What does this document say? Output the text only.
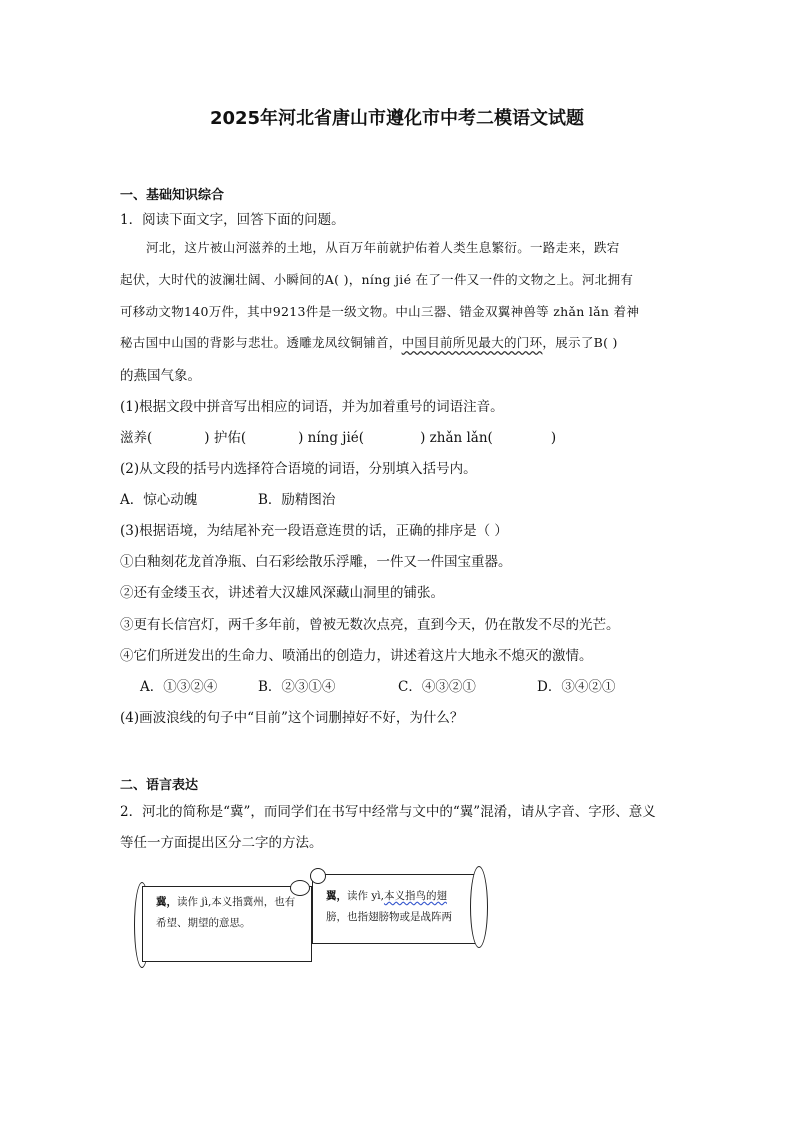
2025年河北省唐山市遵化市中考二模语文试题
一、基础知识综合
1．阅读下面文字，回答下面的问题。
河北，这片被山河滋养的土地，从百万年前就护佑着人类生息繁衍。一路走来，跌宕
起伏，大时代的波澜壮阔、小瞬间的A( )，níng jié 在了一件又一件的文物之上。河北拥有
可移动文物140万件，其中9213件是一级文物。中山三器、错金双翼神兽等 zhǎn lǎn 着神
秘古国中山国的背影与悲壮。透雕龙凤纹铜铺首，中国目前所见最大的门环，展示了B( )
的燕国气象。
(1)根据文段中拼音写出相应的词语，并为加着重号的词语注音。
滋养(	) 护佑(	) níng jié(	) zhǎn lǎn(	)
(2)从文段的括号内选择符合语境的词语，分别填入括号内。
A．惊心动魄	B．励精图治
(3)根据语境，为结尾补充一段语意连贯的话，正确的排序是（ ）
①白釉刻花龙首净瓶、白石彩绘散乐浮雕，一件又一件国宝重器。
②还有金缕玉衣，讲述着大汉雄风深藏山洞里的铺张。
③更有长信宫灯，两千多年前，曾被无数次点亮，直到今天，仍在散发不尽的光芒。
④它们所迸发出的生命力、喷涌出的创造力，讲述着这片大地永不熄灭的激情。
A．①③②④	B．②③①④	C．④③②①	D．③④②①
(4)画波浪线的句子中“目前”这个词删掉好不好，为什么？
二、语言表达
2．河北的简称是“冀”，而同学们在书写中经常与文中的“翼”混淆，请从字音、字形、意义
等任一方面提出区分二字的方法。
冀，读作 jì,本义指冀州，也有希望、期望的意思。
翼，读作 yì,本义指鸟的翅
膀，也指翅膀物或是战阵两
